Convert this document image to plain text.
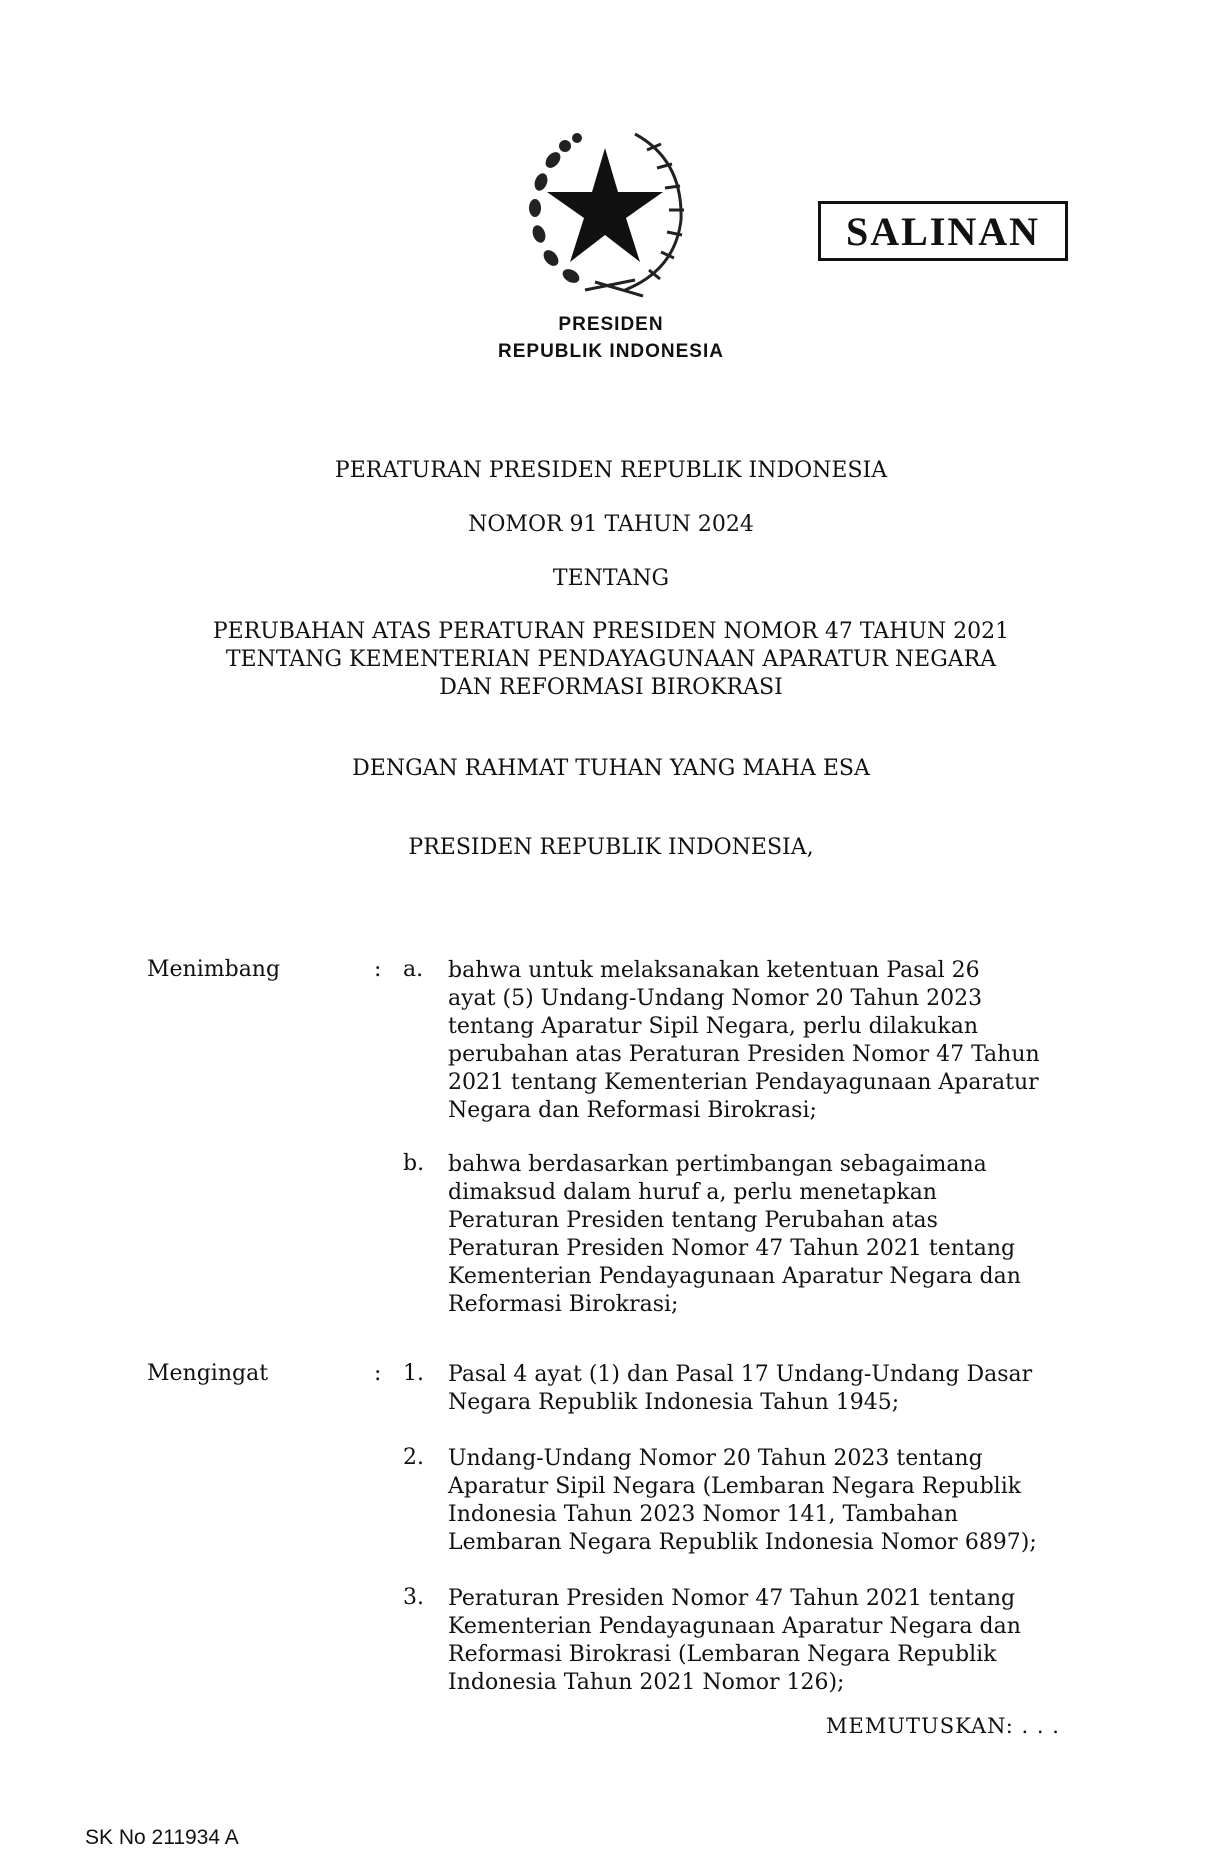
SALINAN
PRESIDEN
REPUBLIK INDONESIA
PERATURAN PRESIDEN REPUBLIK INDONESIA
NOMOR 91 TAHUN 2024
TENTANG
PERUBAHAN ATAS PERATURAN PRESIDEN NOMOR 47 TAHUN 2021
TENTANG KEMENTERIAN PENDAYAGUNAAN APARATUR NEGARA
DAN REFORMASI BIROKRASI
DENGAN RAHMAT TUHAN YANG MAHA ESA
PRESIDEN REPUBLIK INDONESIA,
Menimbang	: a. bahwa untuk melaksanakan ketentuan Pasal 26
ayat (5) Undang-Undang Nomor 20 Tahun 2023
tentang Aparatur Sipil Negara, perlu dilakukan
perubahan atas Peraturan Presiden Nomor 47 Tahun
2021 tentang Kementerian Pendayagunaan Aparatur
Negara dan Reformasi Birokrasi;
b. bahwa berdasarkan pertimbangan sebagaimana
dimaksud dalam huruf a, perlu menetapkan
Peraturan Presiden tentang Perubahan atas
Peraturan Presiden Nomor 47 Tahun 2021 tentang
Kementerian Pendayagunaan Aparatur Negara dan
Reformasi Birokrasi;
Mengingat	: 1. Pasal 4 ayat (1) dan Pasal 17 Undang-Undang Dasar
Negara Republik Indonesia Tahun 1945;
2. Undang-Undang Nomor 20 Tahun 2023 tentang
Aparatur Sipil Negara (Lembaran Negara Republik
Indonesia Tahun 2023 Nomor 141, Tambahan
Lembaran Negara Republik Indonesia Nomor 6897);
3. Peraturan Presiden Nomor 47 Tahun 2021 tentang
Kementerian Pendayagunaan Aparatur Negara dan
Reformasi Birokrasi (Lembaran Negara Republik
Indonesia Tahun 2021 Nomor 126);
MEMUTUSKAN: . . .
SK No 211934 A
